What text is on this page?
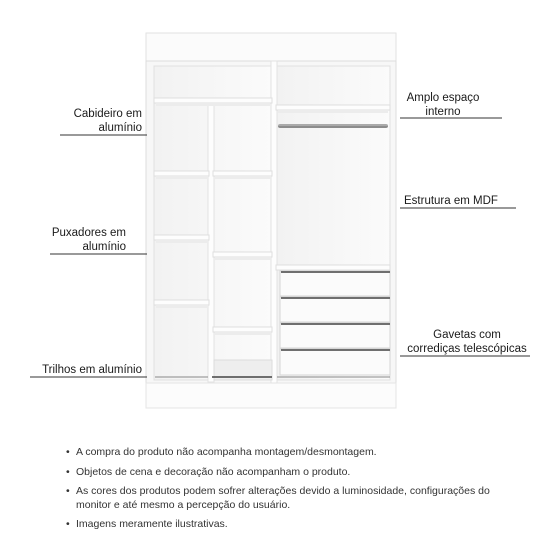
Cabideiro em
alumínio
Puxadores em
alumínio
Trilhos em alumínio
Amplo espaço
interno
Estrutura em MDF
Gavetas com
corrediças telescópicas
• A compra do produto não acompanha montagem/desmontagem.
• Objetos de cena e decoração não acompanham o produto.
• As cores dos produtos podem sofrer alterações devido a luminosidade, configurações do monitor e até mesmo a percepção do usuário.
• Imagens meramente ilustrativas.
